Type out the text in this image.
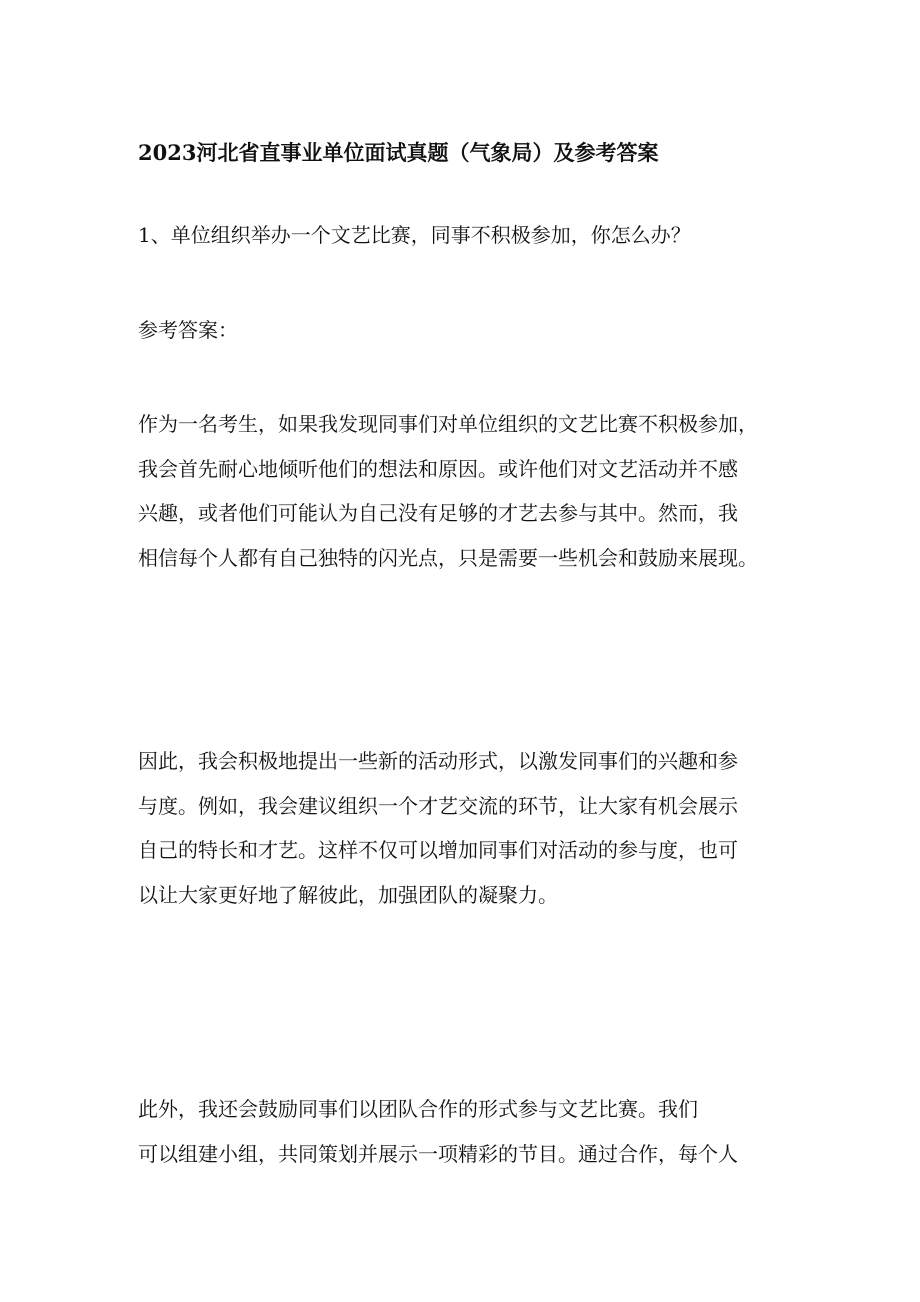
2023河北省直事业单位面试真题（气象局）及参考答案
1、单位组织举办一个文艺比赛，同事不积极参加，你怎么办？
参考答案：
作为一名考生，如果我发现同事们对单位组织的文艺比赛不积极参加，
我会首先耐心地倾听他们的想法和原因。或许他们对文艺活动并不感
兴趣，或者他们可能认为自己没有足够的才艺去参与其中。然而，我
相信每个人都有自己独特的闪光点，只是需要一些机会和鼓励来展现。
因此，我会积极地提出一些新的活动形式，以激发同事们的兴趣和参
与度。例如，我会建议组织一个才艺交流的环节，让大家有机会展示
自己的特长和才艺。这样不仅可以增加同事们对活动的参与度，也可
以让大家更好地了解彼此，加强团队的凝聚力。
此外，我还会鼓励同事们以团队合作的形式参与文艺比赛。我们
可以组建小组，共同策划并展示一项精彩的节目。通过合作，每个人
